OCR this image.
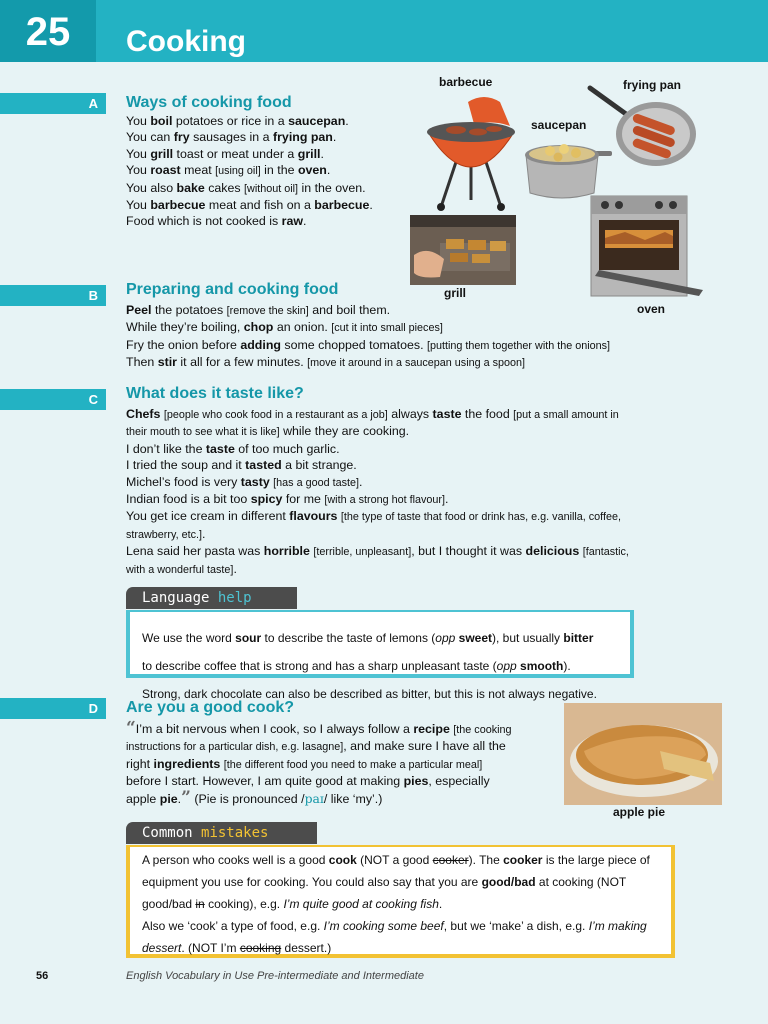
25	Cooking
A	Ways of cooking food

You boil potatoes or rice in a saucepan.

You can fry sausages in a frying pan.

You grill toast or meat under a grill.

You roast meat [using oil] in the oven.

You also bake cakes [without oil] in the oven.

You barbecue meat and fish on a barbecue.

Food which is not cooked is raw.

barbecue	frying pan
saucepan
grill
oven
apple pie
B	Preparing and cooking food

Peel the potatoes [remove the skin] and boil them.

While they’re boiling, chop an onion. [cut it into small pieces]

Fry the onion before adding some chopped tomatoes. [putting them together with the onions]

Then stir it all for a few minutes. [move it around in a saucepan using a spoon]

C	What does it taste like?

Chefs [people who cook food in a restaurant as a job] always taste the food [put a small amount in

their mouth to see what it is like] while they are cooking.

I don’t like the taste of too much garlic.

I tried the soup and it tasted a bit strange.

Michel’s food is very tasty [has a good taste].

Indian food is a bit too spicy for me [with a strong hot flavour].

You get ice cream in different flavours [the type of taste that food or drink has, e.g. vanilla, coffee,

strawberry, etc.].

Lena said her pasta was horrible [terrible, unpleasant], but I thought it was delicious [fantastic,

with a wonderful taste].

Language help

We use the word sour to describe the taste of lemons (opp sweet), but usually bitter

to describe coffee that is strong and has a sharp unpleasant taste (opp smooth).

Strong, dark chocolate can also be described as bitter, but this is not always negative.

D	Are you a good cook?
“I’m a bit nervous when I cook, so I always follow a recipe [the cooking
instructions for a particular dish, e.g. lasagne], and make sure I have all the
right ingredients [the different food you need to make a particular meal]
before I start. However, I am quite good at making pies, especially
apple pie.” (Pie is pronounced /paɪ/ like ‘my’.)
Common mistakes

A person who cooks well is a good cook (NOT a good cooker). The cooker is the large piece of

equipment you use for cooking. You could also say that you are good/bad at cooking (NOT

good/bad in cooking), e.g. I’m quite good at cooking fish.

Also we ‘cook’ a type of food, e.g. I’m cooking some beef, but we ‘make’ a dish, e.g. I’m making

dessert. (NOT I’m cooking dessert.)

56	English Vocabulary in Use Pre-intermediate and Intermediate
